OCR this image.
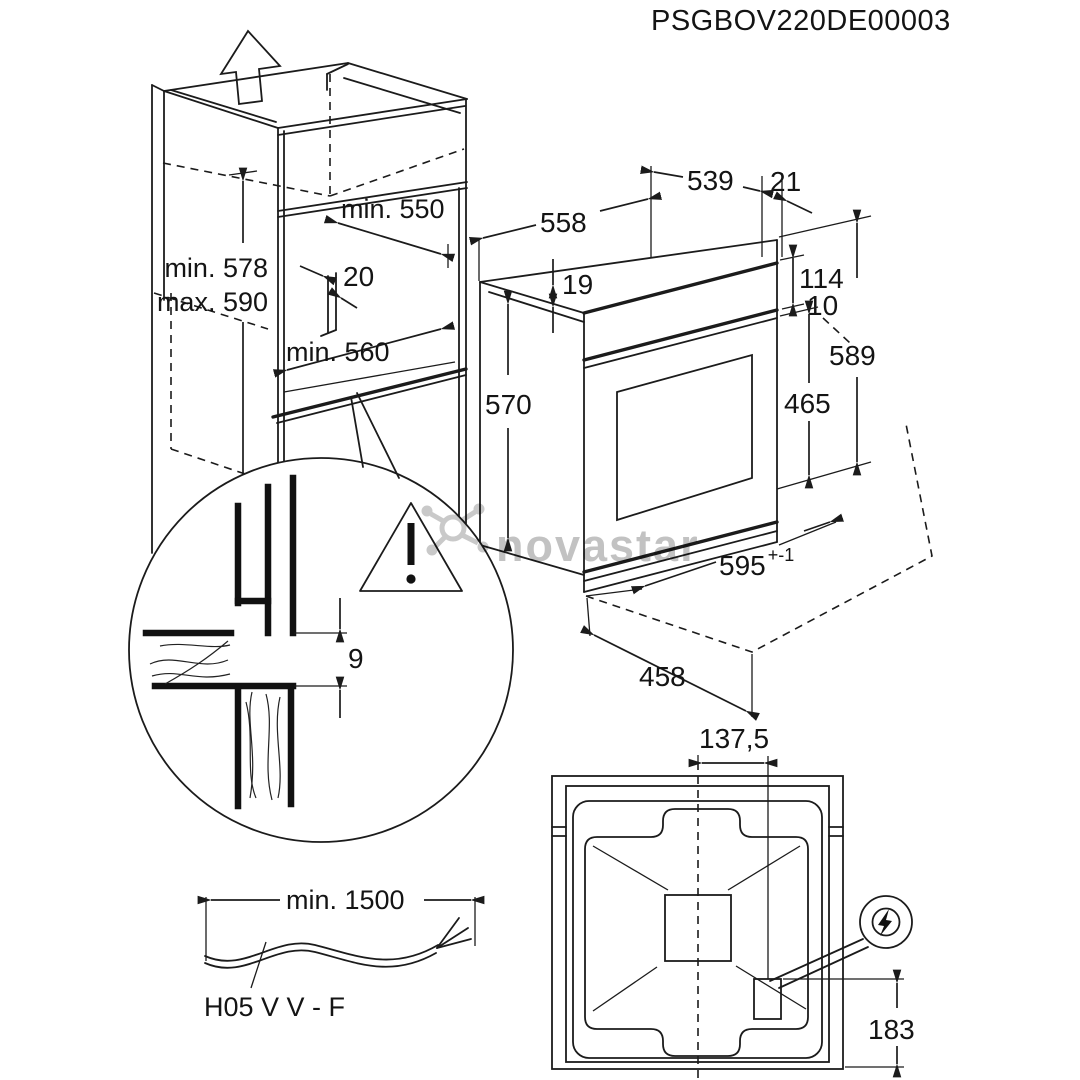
PSGBOV220DE00003
min. 550
20
min. 560
min. 578
max. 590
558
539 21
19
570
114
10
589
465
595 $^{+-1}$
458
9
novastar
137,5
183
min. 1500
H05 V V - F
